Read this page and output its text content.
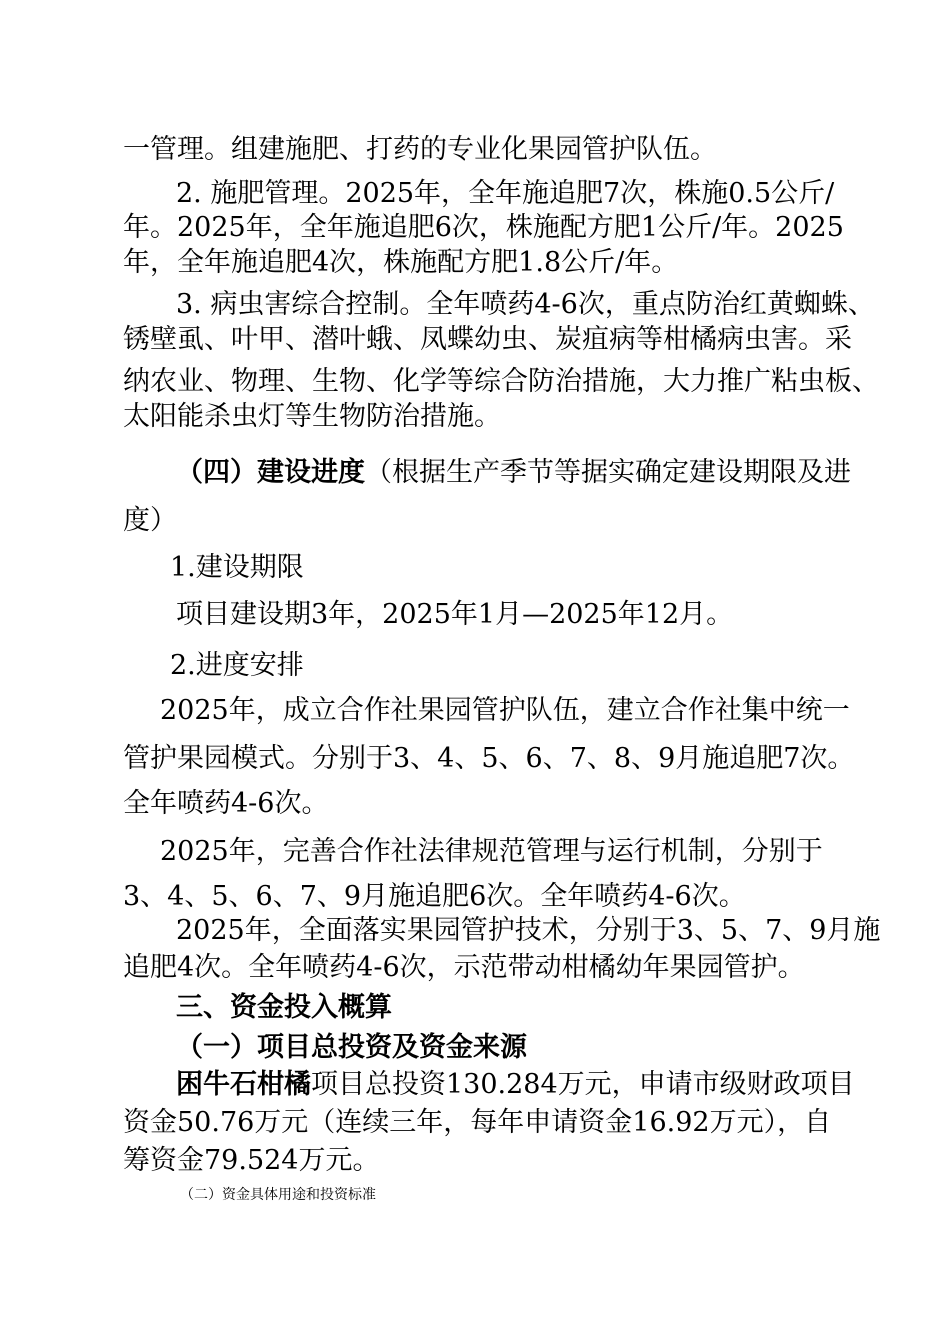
一管理。组建施肥、打药的专业化果园管护队伍。
2. 施肥管理。2025年，全年施追肥7次，株施0.5公斤/
年。2025年，全年施追肥6次，株施配方肥1公斤/年。2025
年，全年施追肥4次，株施配方肥1.8公斤/年。
3. 病虫害综合控制。全年喷药4-6次，重点防治红黄蜘蛛、
锈壁虱、叶甲、潜叶蛾、凤蝶幼虫、炭疽病等柑橘病虫害。采
纳农业、物理、生物、化学等综合防治措施，大力推广粘虫板、
太阳能杀虫灯等生物防治措施。
（四）建设进度（根据生产季节等据实确定建设期限及进
度）
1.建设期限
项目建设期3年，2025年1月—2025年12月。
2.进度安排
2025年，成立合作社果园管护队伍，建立合作社集中统一
管护果园模式。分别于3、4、5、6、7、8、9月施追肥7次。
全年喷药4-6次。
2025年，完善合作社法律规范管理与运行机制，分别于
3、4、5、6、7、9月施追肥6次。全年喷药4-6次。
2025年，全面落实果园管护技术，分别于3、5、7、9月施
追肥4次。全年喷药4-6次，示范带动柑橘幼年果园管护。
三、资金投入概算
（一）项目总投资及资金来源
困牛石柑橘项目总投资130.284万元，申请市级财政项目
资金50.76万元（连续三年，每年申请资金16.92万元），自
筹资金79.524万元。
（二）资金具体用途和投资标准
